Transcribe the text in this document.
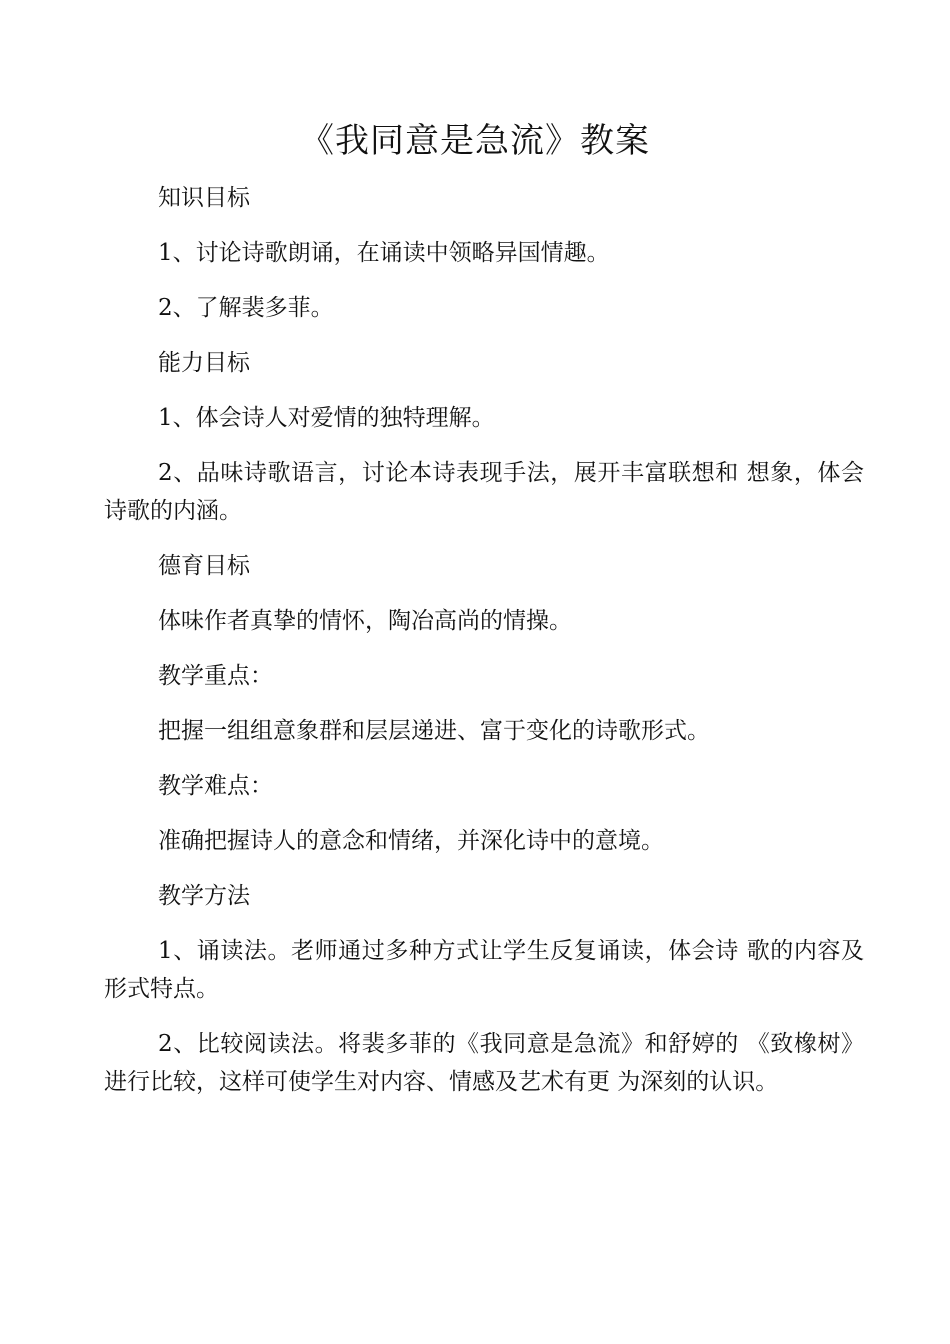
《我同意是急流》教案

知识目标

1、讨论诗歌朗诵，在诵读中领略异国情趣。

2、了解裴多菲。

能力目标

1、体会诗人对爱情的独特理解。

2、品味诗歌语言，讨论本诗表现手法，展开丰富联想和 想象，体会诗歌的内涵。

德育目标

体味作者真挚的情怀，陶冶高尚的情操。

教学重点：

把握一组组意象群和层层递进、富于变化的诗歌形式。

教学难点：

准确把握诗人的意念和情绪，并深化诗中的意境。

教学方法

1、诵读法。老师通过多种方式让学生反复诵读，体会诗 歌的内容及形式特点。

2、比较阅读法。将裴多菲的《我同意是急流》和舒婷的 《致橡树》进行比较，这样可使学生对内容、情感及艺术有更 为深刻的认识。
